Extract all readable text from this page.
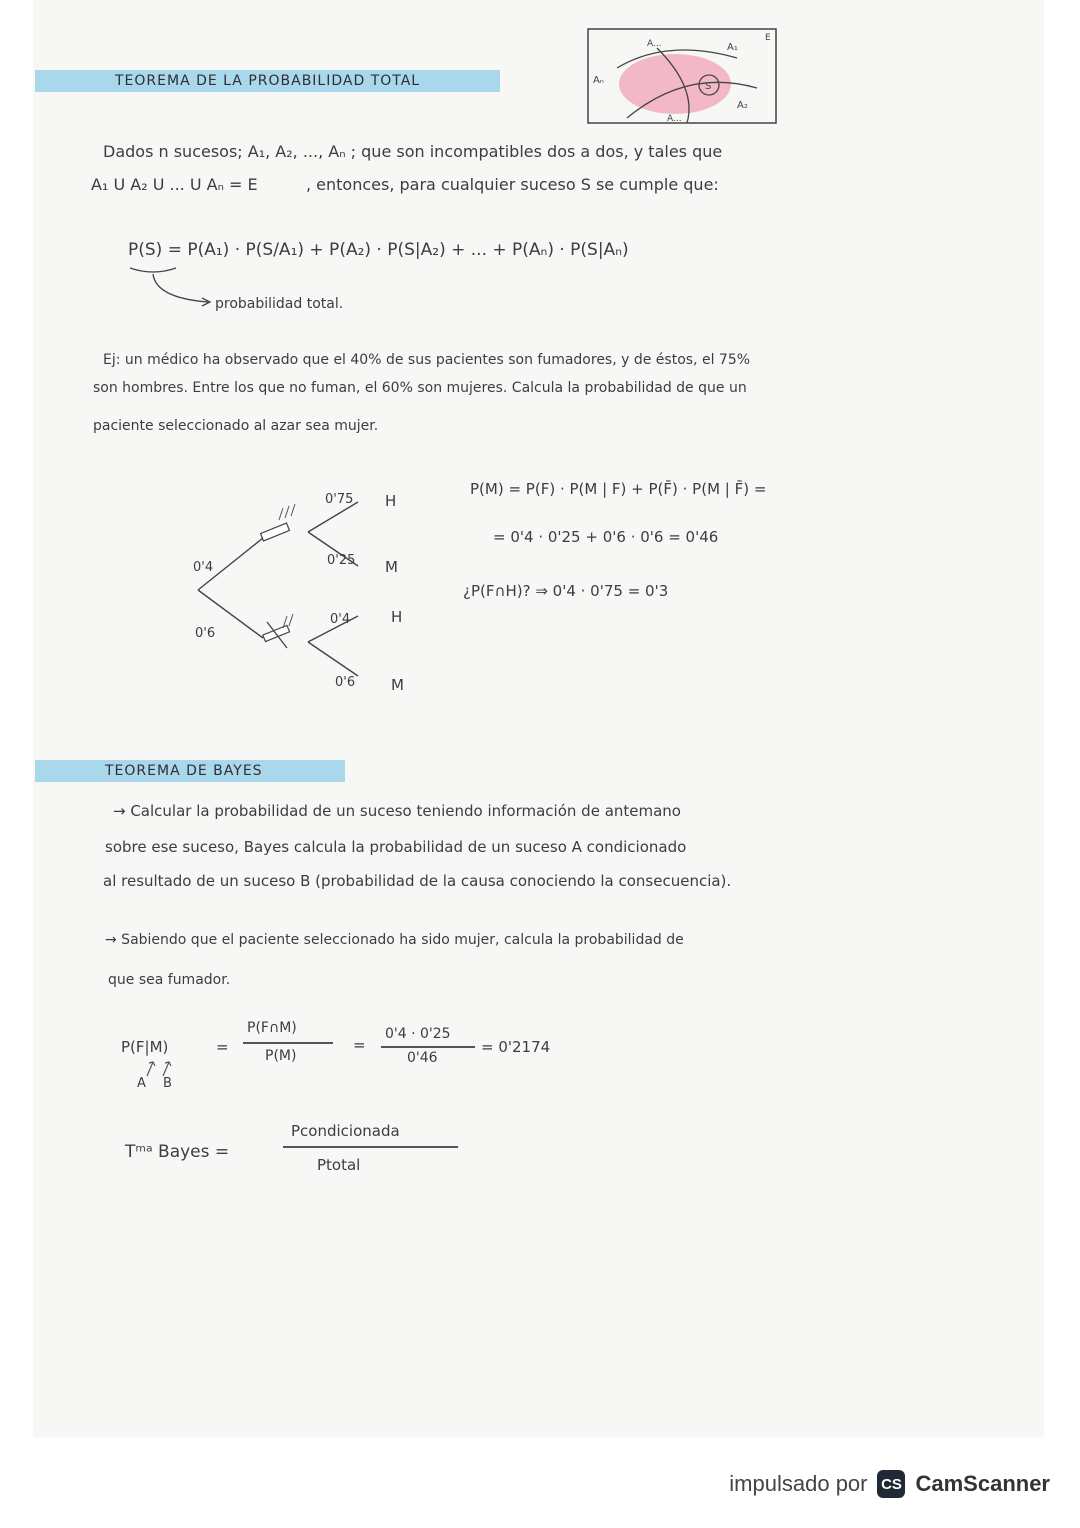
TEOREMA DE LA PROBABILIDAD TOTAL
A...	A₁
E
Aₙ
S
A₂
A...
Dados n sucesos; A₁, A₂, ..., Aₙ ; que son incompatibles dos a dos, y tales que
A₁ U A₂ U ... U Aₙ = E	, entonces, para cualquier suceso S se cumple que:
P(S) = P(A₁) · P(S/A₁) + P(A₂) · P(S|A₂) + ... + P(Aₙ) · P(S|Aₙ)
probabilidad total.
Ej: un médico ha observado que el 40% de sus pacientes son fumadores, y de éstos, el 75%
son hombres. Entre los que no fuman, el 60% son mujeres. Calcula la probabilidad de que un
paciente seleccionado al azar sea mujer.
0'4
0'6
0'75
0'25
0'4
0'6
H
M
H
M
P(M) = P(F) · P(M | F) + P(F̄) · P(M | F̄) =
= 0'4 · 0'25 + 0'6 · 0'6 = 0'46
¿P(F∩H)? ⇒ 0'4 · 0'75 = 0'3
TEOREMA DE BAYES
→ Calcular la probabilidad de un suceso teniendo información de antemano
sobre ese suceso, Bayes calcula la probabilidad de un suceso A condicionado
al resultado de un suceso B (probabilidad de la causa conociendo la consecuencia).
→ Sabiendo que el paciente seleccionado ha sido mujer, calcula la probabilidad de
que sea fumador.
P(F|M)	=
P(F∩M)
P(M)
=
0'4 · 0'25
0'46
= 0'2174
A B
Tᵐᵃ Bayes =
Pcondicionada
Ptotal
impulsado por CS CamScanner
